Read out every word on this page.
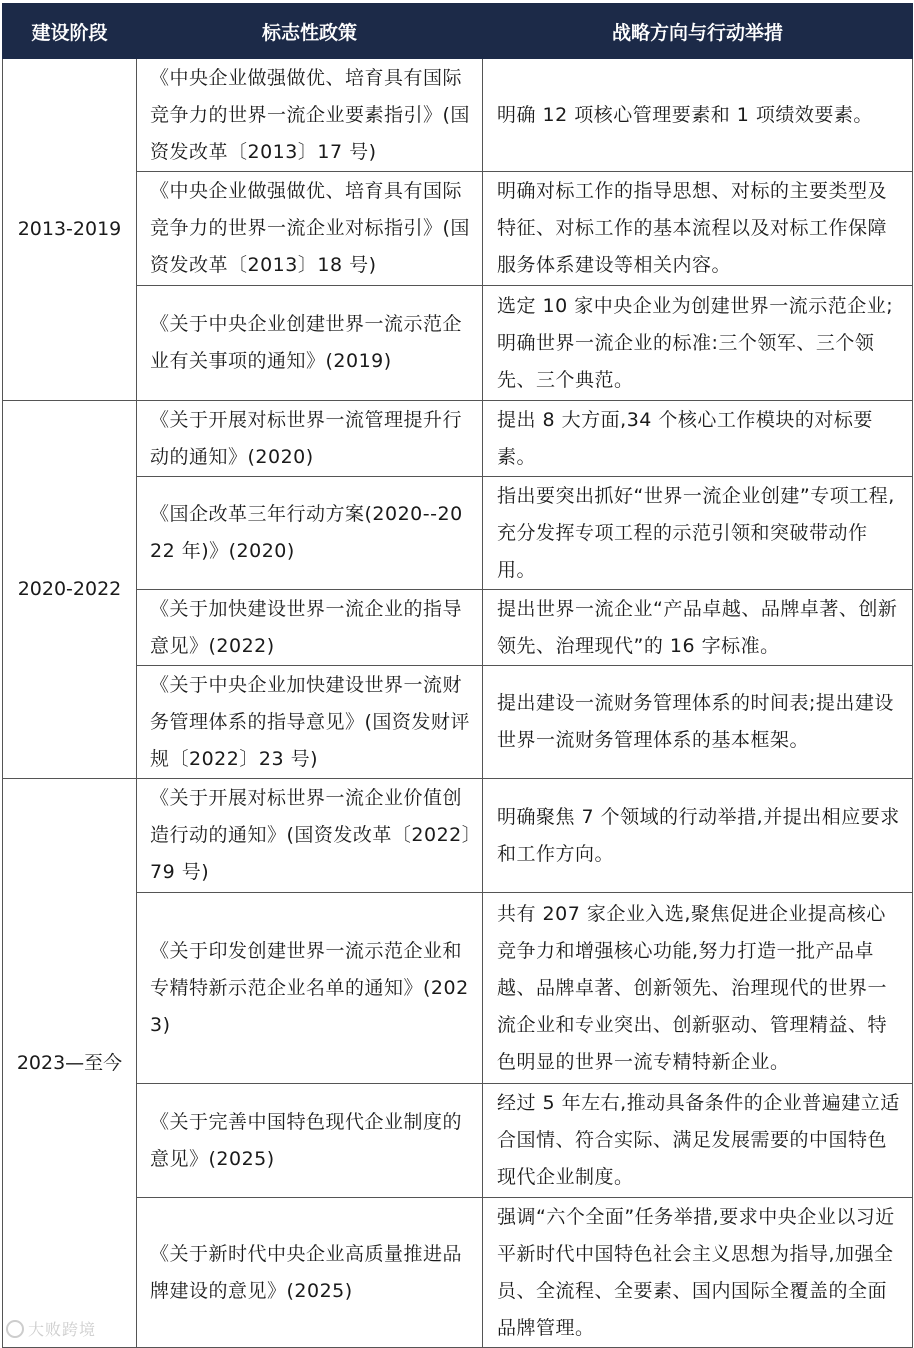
建设阶段	标志性政策	战略方向与行动举措
2013-2019	《中央企业做强做优、培育具有国际竞争力的世界一流企业要素指引》(国资发改革〔2013〕17 号)	明确 12 项核心管理要素和 1 项绩效要素。
	《中央企业做强做优、培育具有国际竞争力的世界一流企业对标指引》(国资发改革〔2013〕18 号)	明确对标工作的指导思想、对标的主要类型及特征、对标工作的基本流程以及对标工作保障服务体系建设等相关内容。
	《关于中央企业创建世界一流示范企业有关事项的通知》(2019)	选定 10 家中央企业为创建世界一流示范企业;明确世界一流企业的标准:三个领军、三个领先、三个典范。
2020-2022	《关于开展对标世界一流管理提升行动的通知》(2020)	提出 8 大方面,34 个核心工作模块的对标要素。
	《国企改革三年行动方案(2020--2022 年)》(2020)	指出要突出抓好“世界一流企业创建”专项工程,充分发挥专项工程的示范引领和突破带动作用。
	《关于加快建设世界一流企业的指导意见》(2022)	提出世界一流企业“产品卓越、品牌卓著、创新领先、治理现代”的 16 字标准。
	《关于中央企业加快建设世界一流财务管理体系的指导意见》(国资发财评规〔2022〕23 号)	提出建设一流财务管理体系的时间表;提出建设世界一流财务管理体系的基本框架。
2023—至今	《关于开展对标世界一流企业价值创造行动的通知》(国资发改革〔2022〕79 号)	明确聚焦 7 个领域的行动举措,并提出相应要求和工作方向。
	《关于印发创建世界一流示范企业和专精特新示范企业名单的通知》(2023)	共有 207 家企业入选,聚焦促进企业提高核心竞争力和增强核心功能,努力打造一批产品卓越、品牌卓著、创新领先、治理现代的世界一流企业和专业突出、创新驱动、管理精益、特色明显的世界一流专精特新企业。
	《关于完善中国特色现代企业制度的意见》(2025)	经过 5 年左右,推动具备条件的企业普遍建立适合国情、符合实际、满足发展需要的中国特色现代企业制度。
	《关于新时代中央企业高质量推进品牌建设的意见》(2025)	强调“六个全面”任务举措,要求中央企业以习近平新时代中国特色社会主义思想为指导,加强全员、全流程、全要素、国内国际全覆盖的全面品牌管理。
大败跨境
